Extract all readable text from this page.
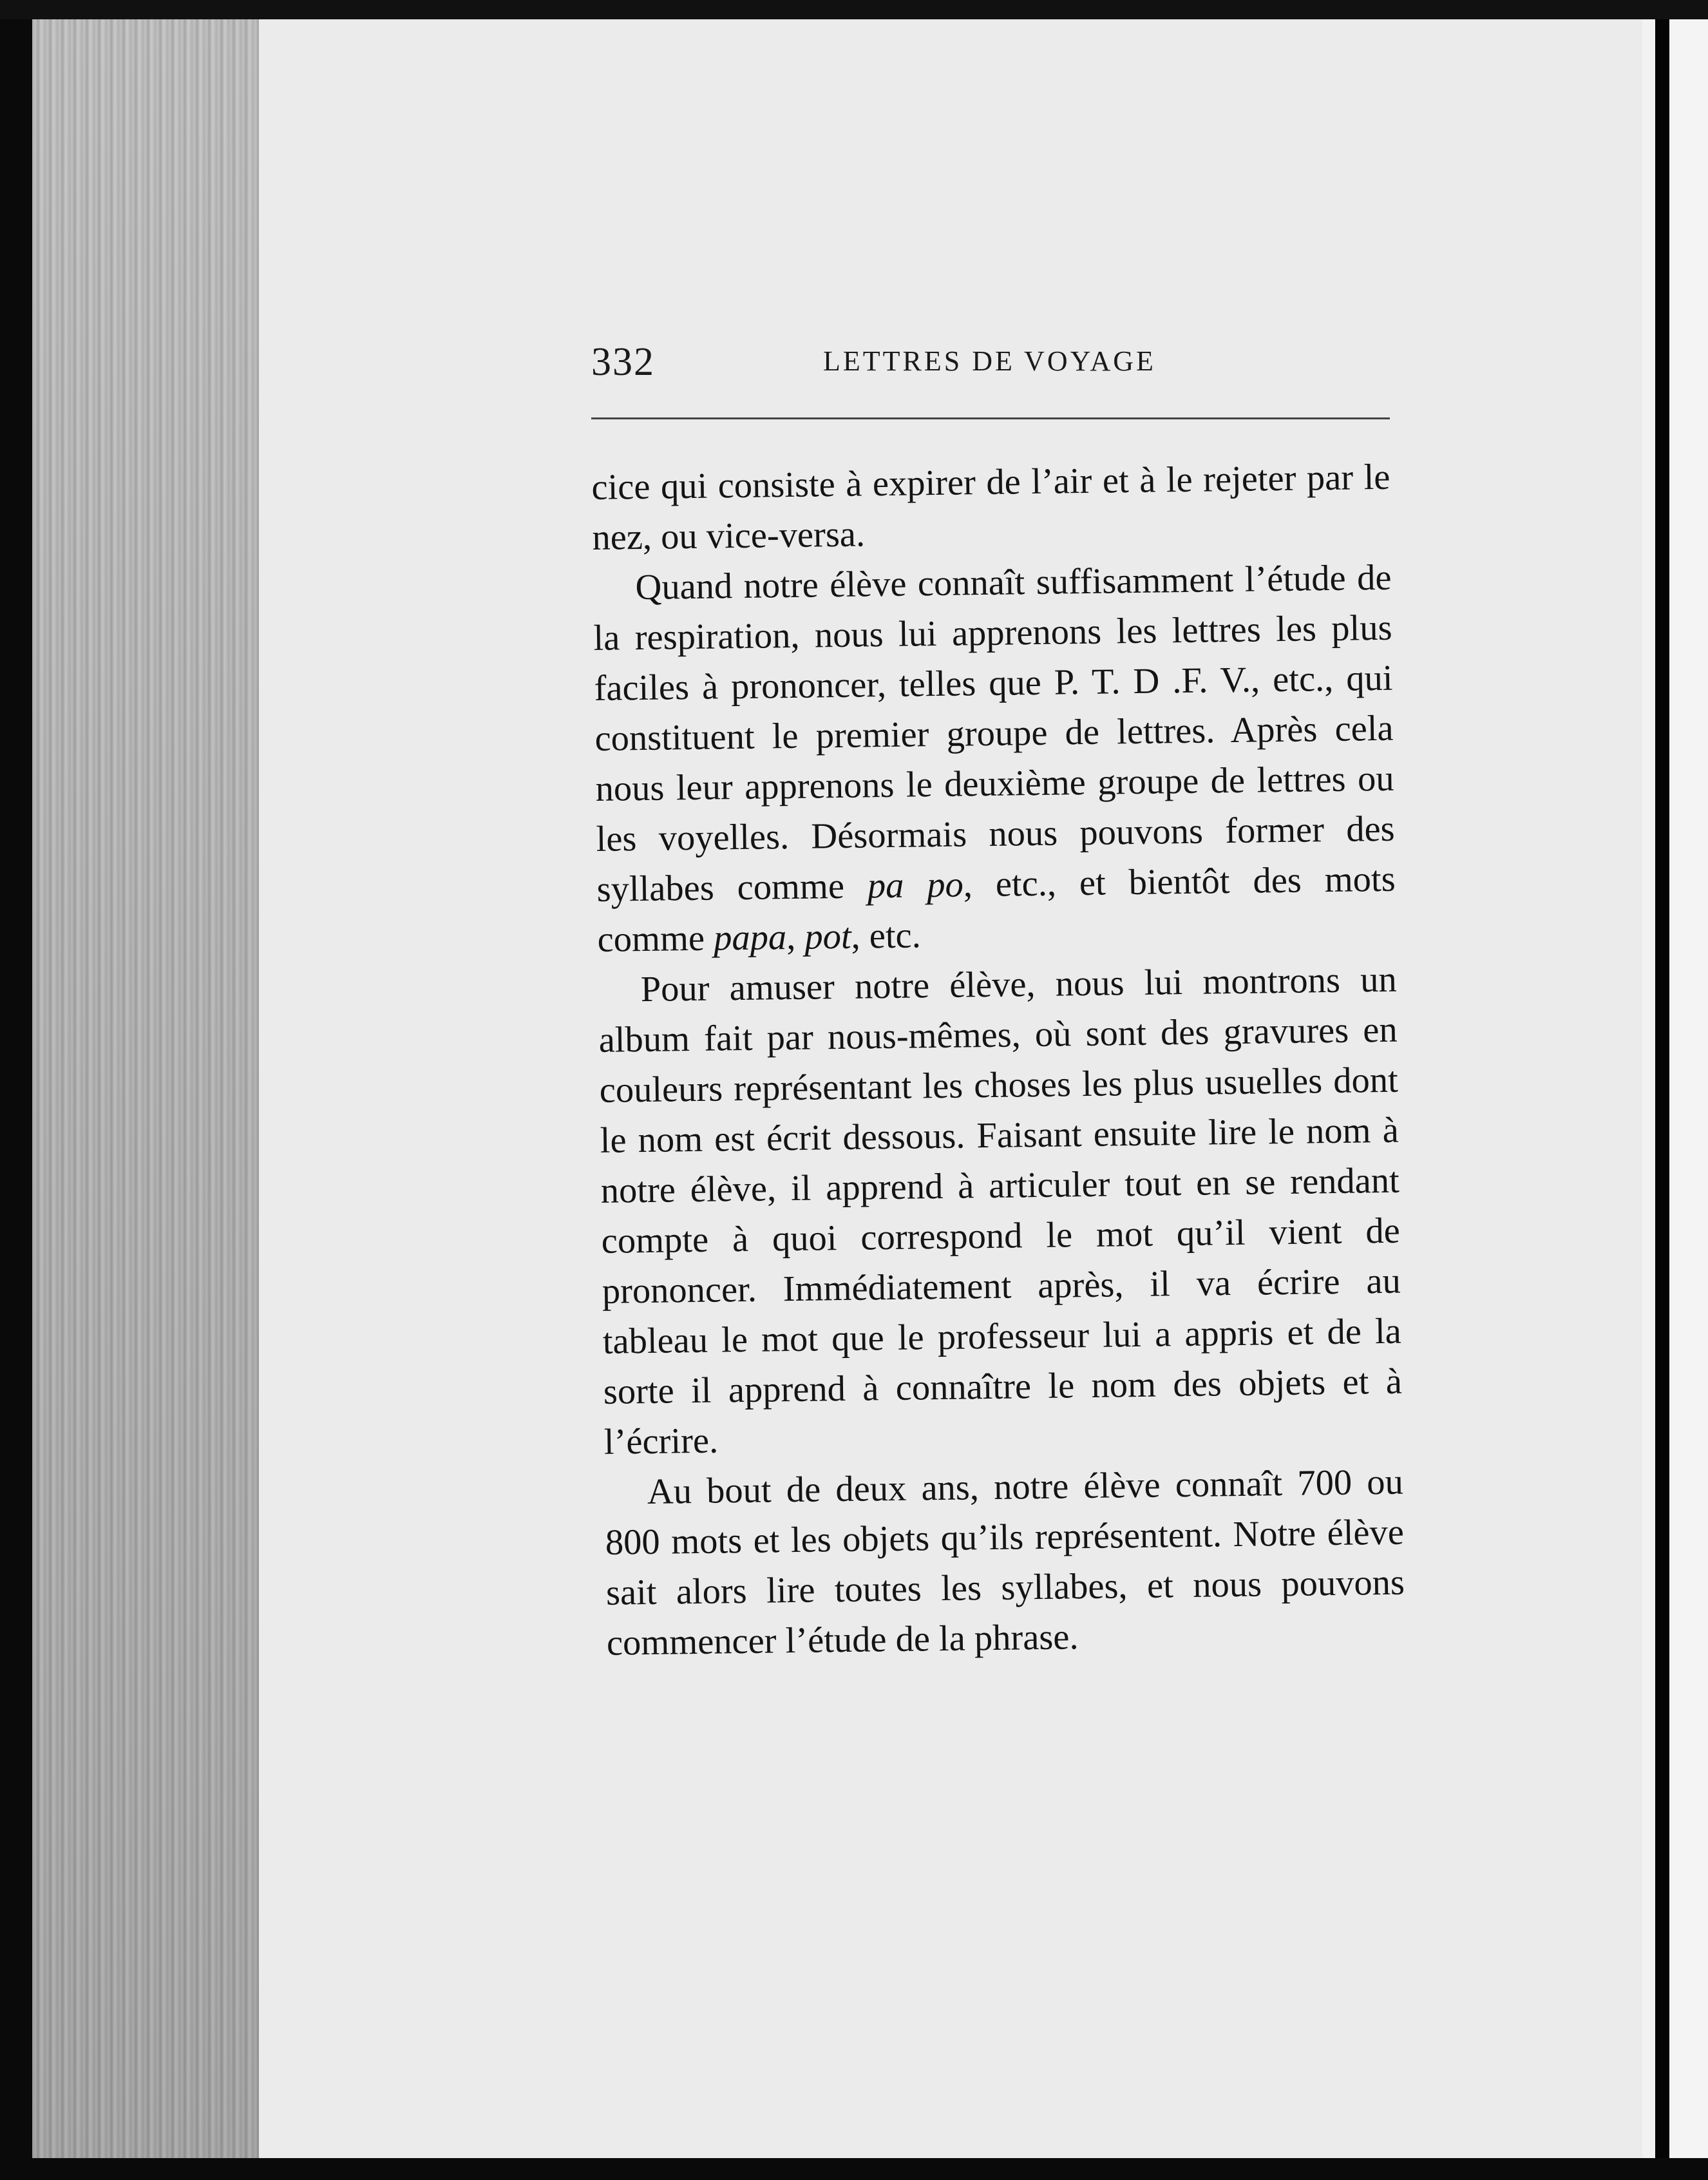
332	LETTRES DE VOYAGE

cice qui consiste à expirer de l’air et à le rejeter par le nez, ou vice-versa.

Quand notre élève connaît suffisamment l’étude de la respiration, nous lui apprenons les lettres les plus faciles à prononcer, telles que P. T. D .F. V., etc., qui constituent le premier groupe de lettres. Après cela nous leur apprenons le deuxième groupe de lettres ou les voyelles. Désormais nous pouvons former des syllabes comme pa po, etc., et bientôt des mots comme papa, pot, etc.

Pour amuser notre élève, nous lui montrons un album fait par nous-mêmes, où sont des gravures en couleurs représentant les choses les plus usuelles dont le nom est écrit dessous. Faisant ensuite lire le nom à notre élève, il apprend à articuler tout en se rendant compte à quoi correspond le mot qu’il vient de prononcer. Immédiatement après, il va écrire au tableau le mot que le professeur lui a appris et de la sorte il apprend à connaître le nom des objets et à l’écrire.

Au bout de deux ans, notre élève connaît 700 ou 800 mots et les objets qu’ils représentent. Notre élève sait alors lire toutes les syllabes, et nous pouvons commencer l’étude de la phrase.
